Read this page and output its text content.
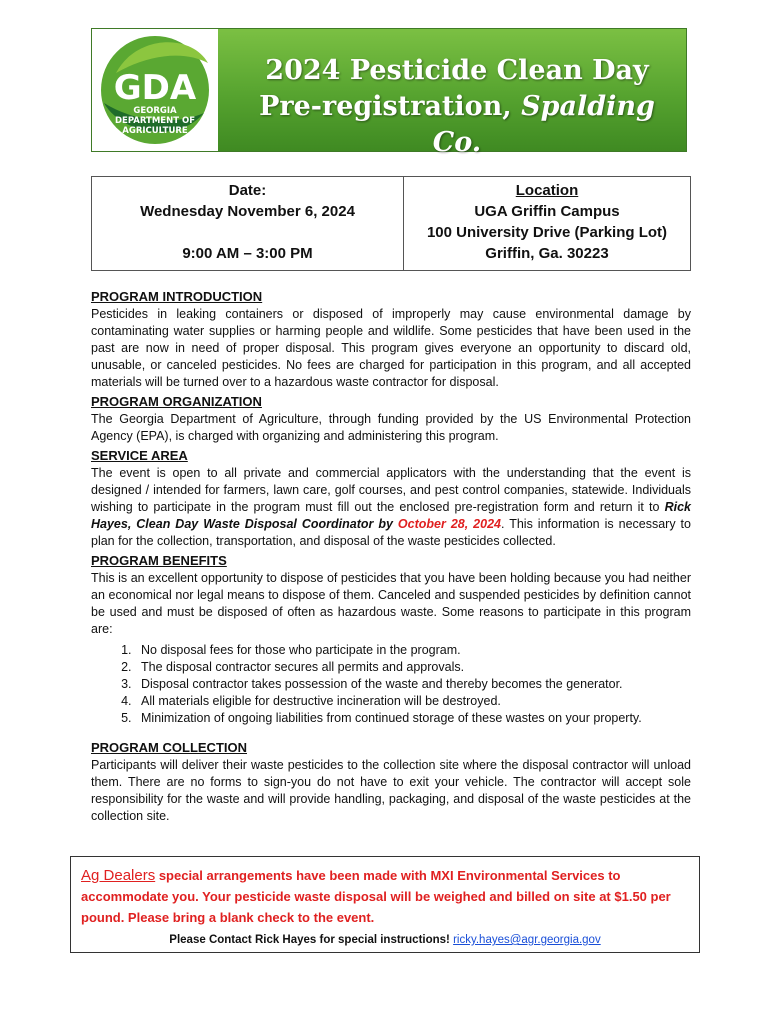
GDA
GEORGIA
DEPARTMENT OF
AGRICULTURE
2024 Pesticide Clean Day
Pre-registration, Spalding Co.
Date:
Wednesday November 6, 2024
9:00 AM – 3:00 PM
Location
UGA Griffin Campus
100 University Drive (Parking Lot)
Griffin, Ga. 30223
PROGRAM INTRODUCTION

Pesticides in leaking containers or disposed of improperly may cause environmental damage by contaminating water supplies or harming people and wildlife. Some pesticides that have been used in the past are now in need of proper disposal. This program gives everyone an opportunity to discard old, unusable, or canceled pesticides. No fees are charged for participation in this program, and all accepted materials will be turned over to a hazardous waste contractor for disposal.

PROGRAM ORGANIZATION

The Georgia Department of Agriculture, through funding provided by the US Environmental Protection Agency (EPA), is charged with organizing and administering this program.

SERVICE AREA

The event is open to all private and commercial applicators with the understanding that the event is designed / intended for farmers, lawn care, golf courses, and pest control companies, statewide. Individuals wishing to participate in the program must fill out the enclosed pre-registration form and return it to Rick Hayes, Clean Day Waste Disposal Coordinator by October 28, 2024. This information is necessary to plan for the collection, transportation, and disposal of the waste pesticides collected.

PROGRAM BENEFITS

This is an excellent opportunity to dispose of pesticides that you have been holding because you had neither an economical nor legal means to dispose of them. Canceled and suspended pesticides by definition cannot be used and must be disposed of often as hazardous waste. Some reasons to participate in this program are:

1. No disposal fees for those who participate in the program.
2. The disposal contractor secures all permits and approvals.
3. Disposal contractor takes possession of the waste and thereby becomes the generator.
4. All materials eligible for destructive incineration will be destroyed.
5. Minimization of ongoing liabilities from continued storage of these wastes on your property.
PROGRAM COLLECTION

Participants will deliver their waste pesticides to the collection site where the disposal contractor will unload them. There are no forms to sign-you do not have to exit your vehicle. The contractor will accept sole responsibility for the waste and will provide handling, packaging, and disposal of the waste pesticides at the collection site.

Ag Dealers special arrangements have been made with MXI Environmental Services to accommodate you. Your pesticide waste disposal will be weighed and billed on site at $1.50 per pound. Please bring a blank check to the event.
Please Contact Rick Hayes for special instructions! ricky.hayes@agr.georgia.gov
